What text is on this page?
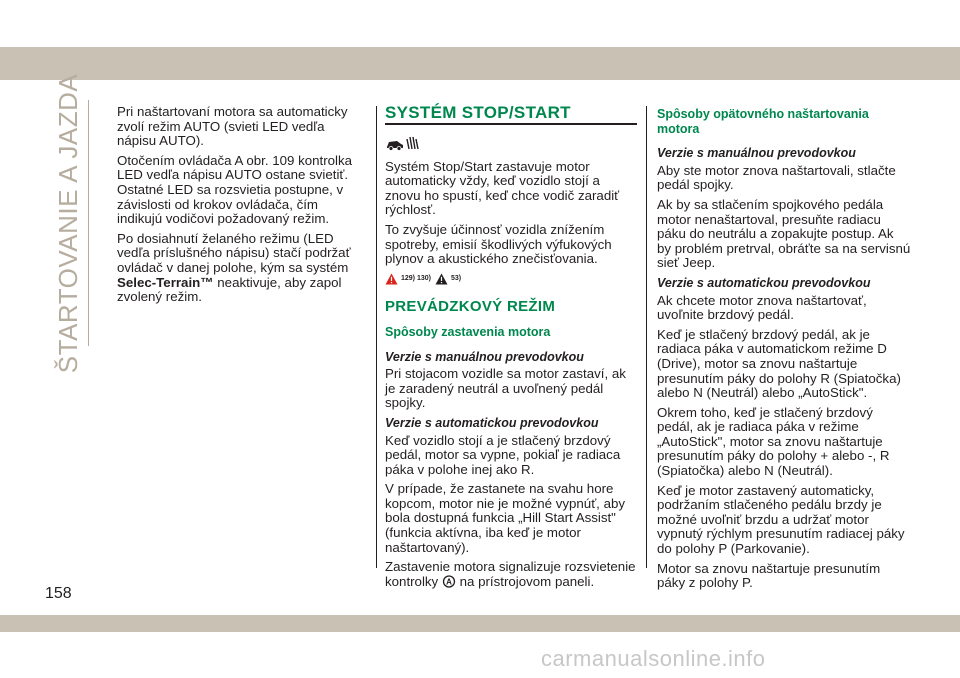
ŠTARTOVANIE A JAZDA	Pri naštartovaní motora sa automaticky zvolí režim AUTO (svieti LED vedľa nápisu AUTO).

Otočením ovládača A obr. 109 kontrolka LED vedľa nápisu AUTO ostane svietiť. Ostatné LED sa rozsvietia postupne, v závislosti od krokov ovládača, čím indikujú vodičovi požadovaný režim.

Po dosiahnutí želaného režimu (LED vedľa príslušného nápisu) stačí podržať ovládač v danej polohe, kým sa systém Selec-Terrain™ neaktivuje, aby zapol zvolený režim.

SYSTÉM STOP/START

Systém Stop/Start zastavuje motor automaticky vždy, keď vozidlo stojí a znovu ho spustí, keď chce vodič zaradiť rýchlosť.

To zvyšuje účinnosť vozidla znížením spotreby, emisií škodlivých výfukových plynov a akustického znečisťovania.

129) 130)	53)
PREVÁDZKOVÝ REŽIM
Spôsoby zastavenia motora
Verzie s manuálnou prevodovkou

Pri stojacom vozidle sa motor zastaví, ak je zaradený neutrál a uvoľnený pedál spojky.

Verzie s automatickou prevodovkou

Keď vozidlo stojí a je stlačený brzdový pedál, motor sa vypne, pokiaľ je radiaca páka v polohe inej ako R.

V prípade, že zastanete na svahu hore kopcom, motor nie je možné vypnúť, aby bola dostupná funkcia „Hill Start Assist" (funkcia aktívna, iba keď je motor naštartovaný).

Zastavenie motora signalizuje rozsvietenie kontrolky A na prístrojovom paneli.

Spôsoby opätovného naštartovania motora
Verzie s manuálnou prevodovkou

Aby ste motor znova naštartovali, stlačte pedál spojky.

Ak by sa stlačením spojkového pedála motor nenaštartoval, presuňte radiacu páku do neutrálu a zopakujte postup. Ak by problém pretrval, obráťte sa na servisnú sieť Jeep.

Verzie s automatickou prevodovkou

Ak chcete motor znova naštartovať, uvoľnite brzdový pedál.

Keď je stlačený brzdový pedál, ak je radiaca páka v automatickom režime D (Drive), motor sa znovu naštartuje presunutím páky do polohy R (Spiatočka) alebo N (Neutrál) alebo „AutoStick".

Okrem toho, keď je stlačený brzdový pedál, ak je radiaca páka v režime „AutoStick", motor sa znovu naštartuje presunutím páky do polohy + alebo -, R (Spiatočka) alebo N (Neutrál).

Keď je motor zastavený automaticky, podržaním stlačeného pedálu brzdy je možné uvoľniť brzdu a udržať motor vypnutý rýchlym presunutím radiacej páky do polohy P (Parkovanie).

Motor sa znovu naštartuje presunutím páky z polohy P.

158
carmanualsonline.info
